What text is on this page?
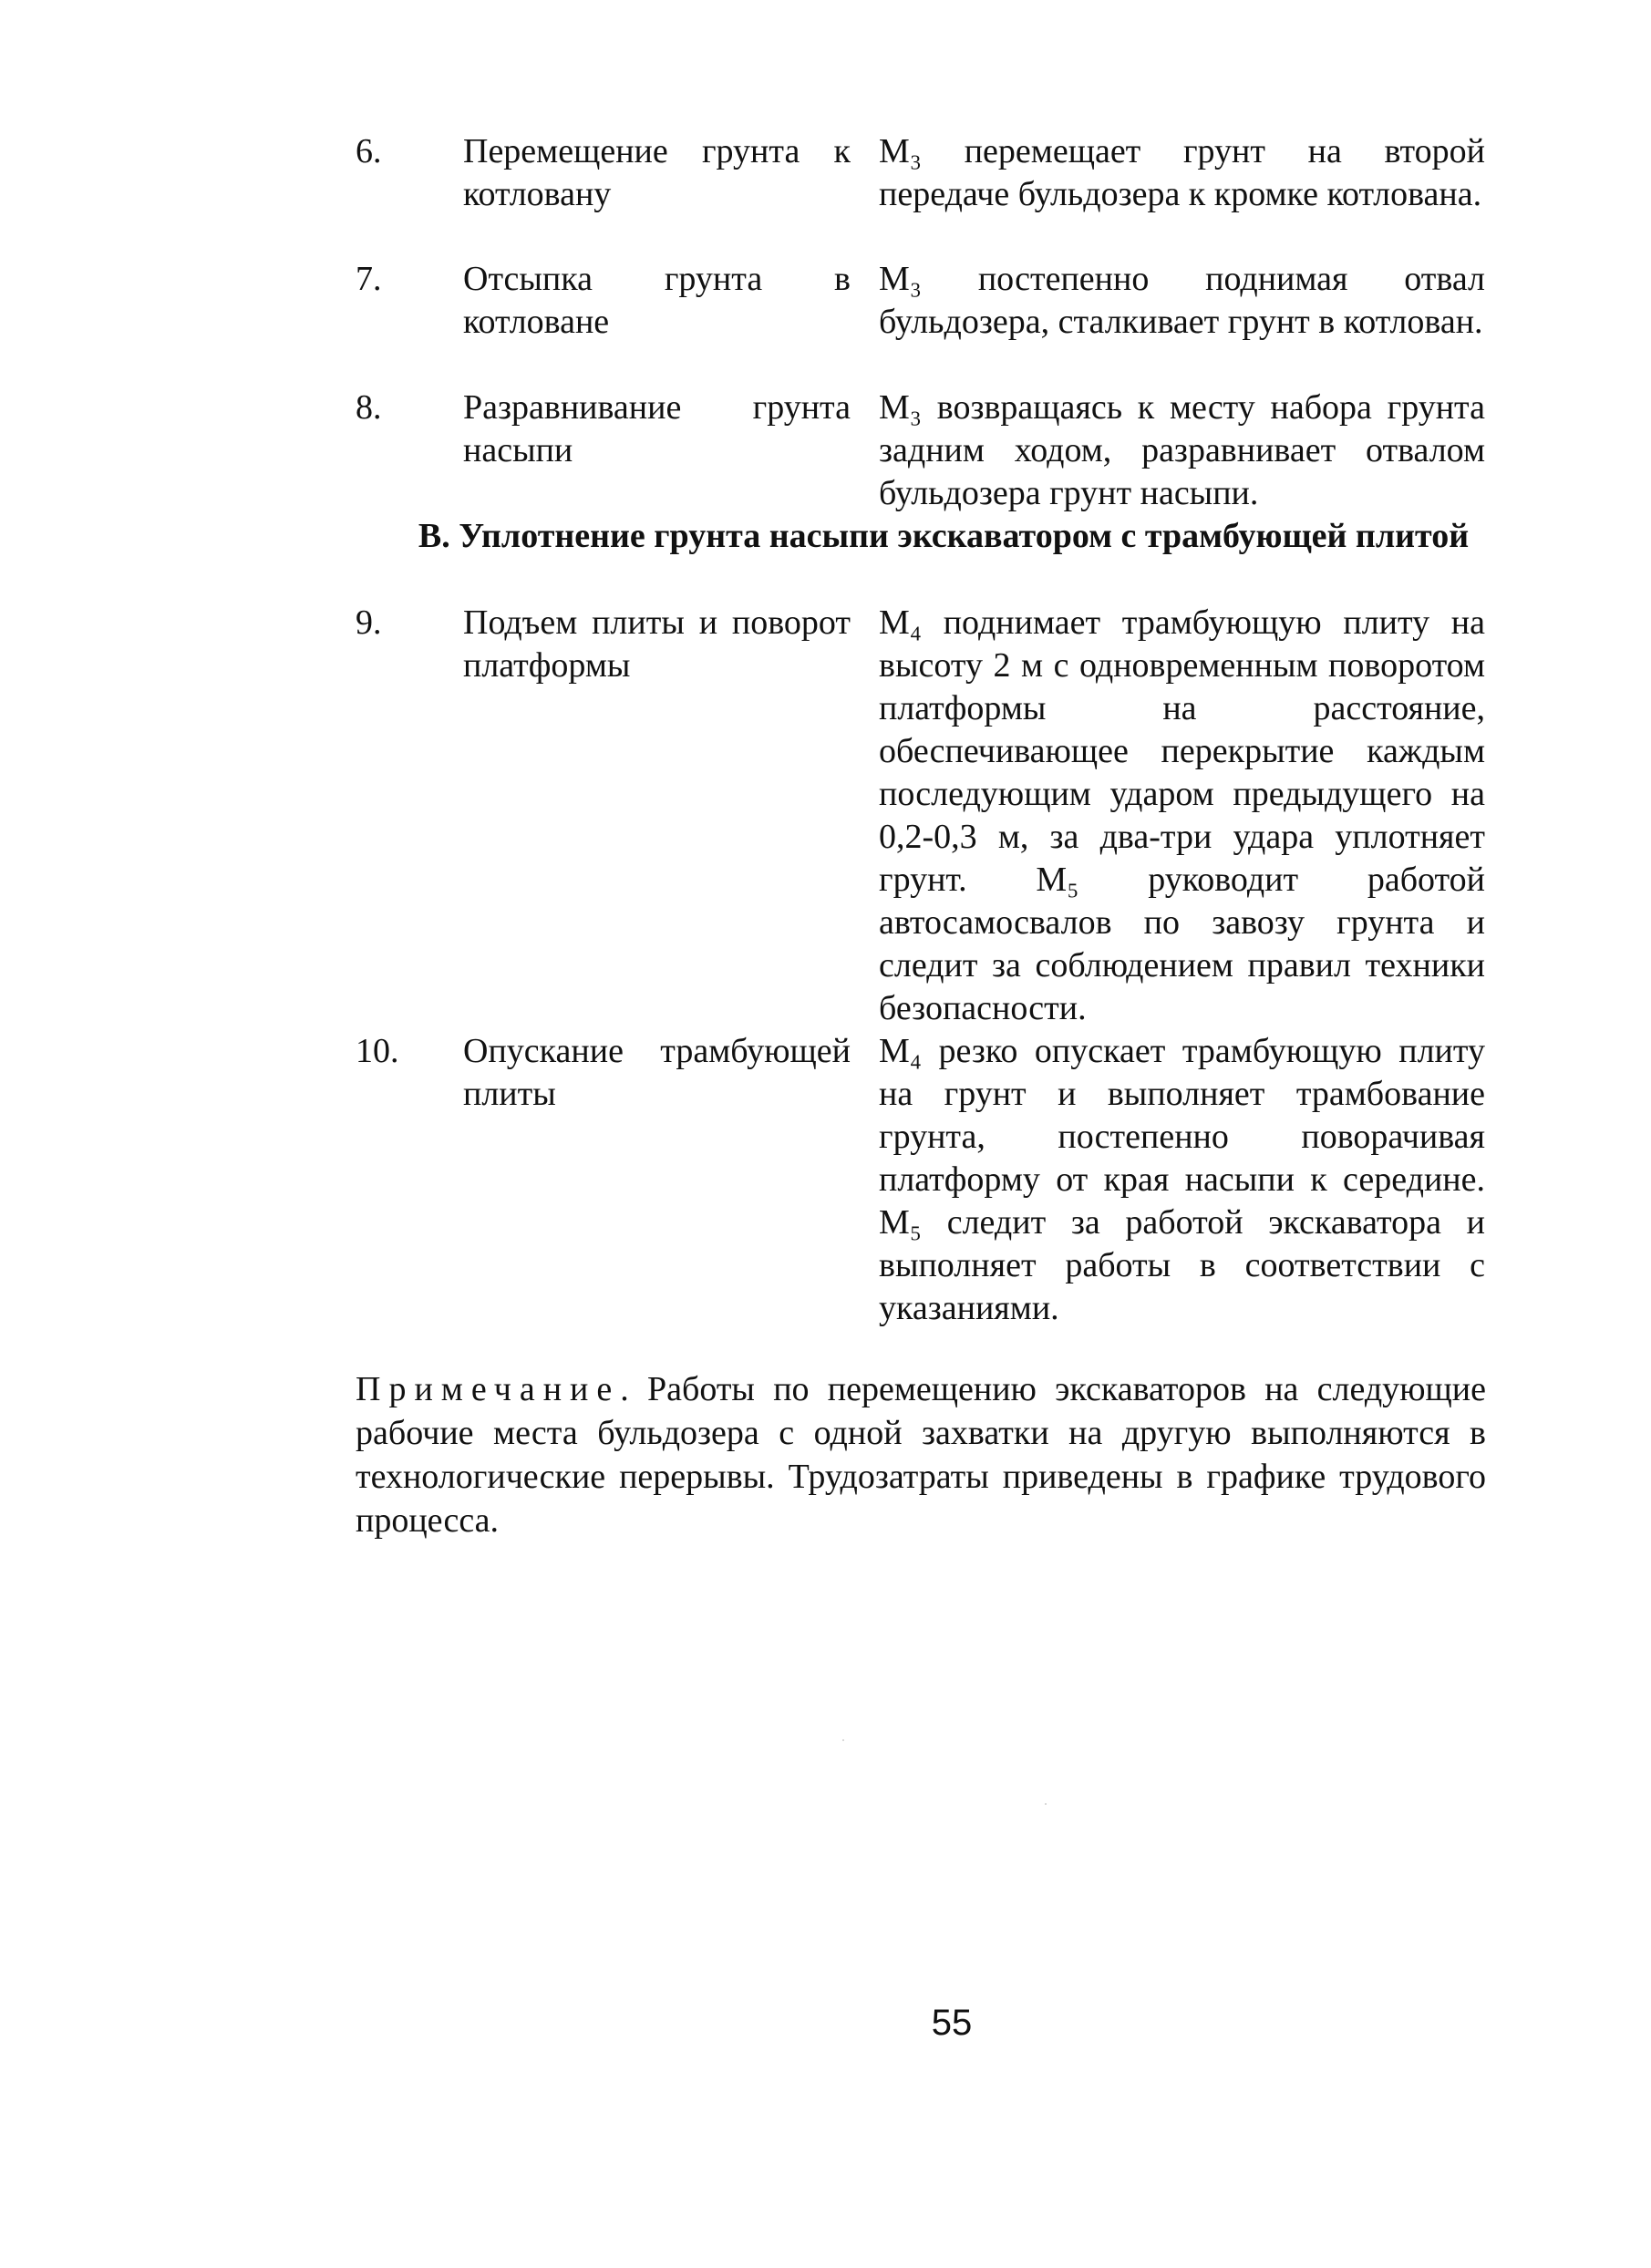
6. Перемещение грунта к котловану
М₃ перемещает грунт на второй передаче бульдозера к кромке котлована.
7. Отсыпка грунта в котловане
М₃ постепенно поднимая отвал бульдозера, сталкивает грунт в котлован.
8. Разравнивание грунта насыпи
М₃ возвращаясь к месту набора грунта задним ходом, разравнивает отвалом бульдозера грунт насыпи.
В. Уплотнение грунта насыпи экскаватором с трамбующей плитой
9. Подъем плиты и поворот платформы
М₄ поднимает трамбующую плиту на высоту 2 м с одновременным поворотом платформы на расстояние, обеспечивающее перекрытие каждым последующим ударом предыдущего на 0,2-0,3 м, за два-три удара уплотняет грунт. М₅ руководит работой автосамосвалов по завозу грунта и следит за соблюдением правил техники безопасности.
10. Опускание трамбующей плиты
М₄ резко опускает трамбующую плиту на грунт и выполняет трамбование грунта, постепенно поворачивая платформу от края насыпи к середине. М₅ следит за работой экскаватора и выполняет работы в соответствии с указаниями.
Примечание. Работы по перемещению экскаваторов на следующие рабочие места бульдозера с одной захватки на другую выполняются в технологические перерывы. Трудозатраты приведены в графике трудового процесса.
55
